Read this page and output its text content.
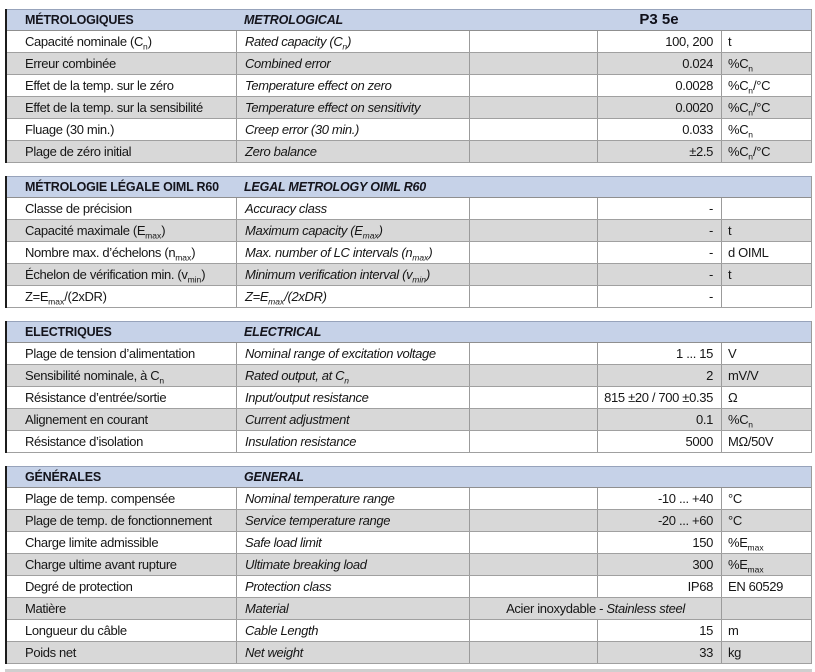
MÉTROLOGIQUES	METROLOGICAL	P3 5e
Capacité nominale $(C_n)$	Rated capacity $(C_n)$	100, 200	t
Erreur combinée	Combined error	0.024	$\%C_n$
Effet de la temp. sur le zéro	Temperature effect on zero	0.0028	$\%C_n/^\circ C$
Effet de la temp. sur la sensibilité	Temperature effect on sensitivity	0.0020	$\%C_n/^\circ C$
Fluage (30 min.)	Creep error (30 min.)	0.033	$\%C_n$
Plage de zéro initial	Zero balance	±2.5	$\%C_n/^\circ C$
MÉTROLOGIE LÉGALE OIML R60	LEGAL METROLOGY OIML R60
Classe de précision	Accuracy class	-
Capacité maximale $(E_{max})$	Maximum capacity $(E_{max})$	-	t
Nombre max. d’échelons $(n_{max})$	Max. number of LC intervals $(n_{max})$	-	d OIML
Échelon de vérification min. $(v_{min})$	Minimum verification interval $(v_{min})$	-	t
$Z=E_{max}/(2xDR)$	$Z=E_{max}/(2xDR)$	-
ELECTRIQUES	ELECTRICAL
Plage de tension d’alimentation	Nominal range of excitation voltage	1 ... 15	V
Sensibilité nominale, à $C_n$	Rated output, at $C_n$	2	mV/V
Résistance d’entrée/sortie	Input/output resistance	815 ±20 / 700 ±0.35	Ω
Alignement en courant	Current adjustment	0.1	$\%C_n$
Résistance d’isolation	Insulation resistance	5000	MΩ/50V
GÉNÉRALES	GENERAL
Plage de temp. compensée	Nominal temperature range	-10 ... +40	°C
Plage de temp. de fonctionnement	Service temperature range	-20 ... +60	°C
Charge limite admissible	Safe load limit	150	$\%E_{max}$
Charge ultime avant rupture	Ultimate breaking load	300	$\%E_{max}$
Degré de protection	Protection class	IP68	EN 60529
Matière	Material	Acier inoxydable - Stainless steel
Longueur du câble	Cable Length	15	m
Poids net	Net weight	33	kg
